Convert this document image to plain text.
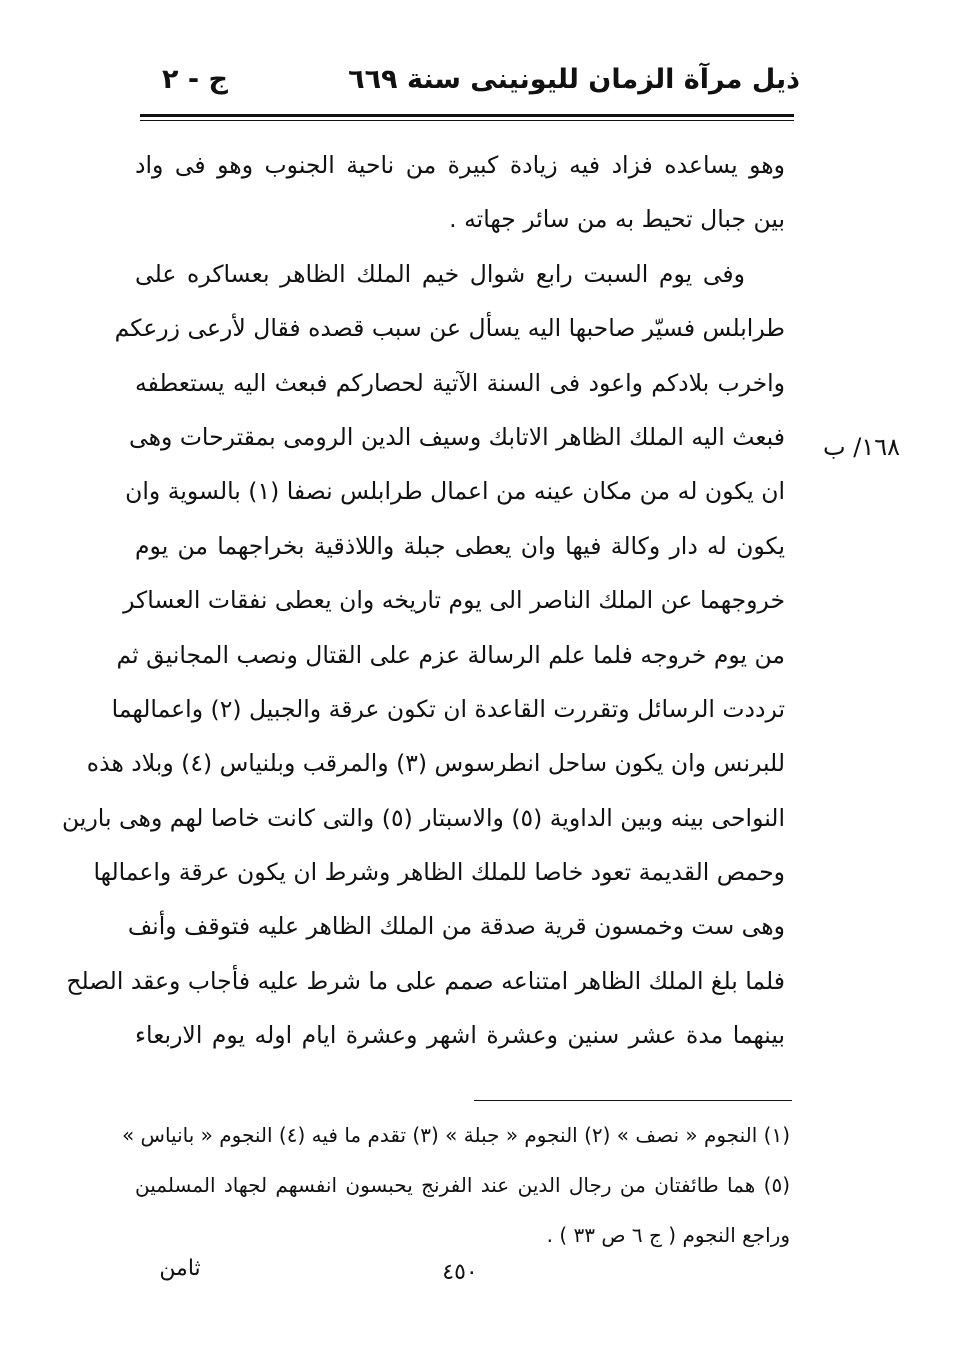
ذيل مرآة الزمان لليونينى سنة ٦٦٩
ج - ٢
١٦٨/ ب
وهو يساعده فزاد فيه زيادة كبيرة من ناحية الجنوب وهو فى واد
بين جبال تحيط به من سائر جهاته .
وفى يوم السبت رابع شوال خيم الملك الظاهر بعساكره على
طرابلس فسيّر صاحبها اليه يسأل عن سبب قصده فقال لأرعى زرعكم
واخرب بلادكم واعود فى السنة الآتية لحصاركم فبعث اليه يستعطفه
فبعث اليه الملك الظاهر الاتابك وسيف الدين الرومى بمقترحات وهى
ان يكون له من مكان عينه من اعمال طرابلس نصفا (١) بالسوية وان
يكون له دار وكالة فيها وان يعطى جبلة واللاذقية بخراجهما من يوم
خروجهما عن الملك الناصر الى يوم تاريخه وان يعطى نفقات العساكر
من يوم خروجه فلما علم الرسالة عزم على القتال ونصب المجانيق ثم
ترددت الرسائل وتقررت القاعدة ان تكون عرقة والجبيل (٢) واعمالهما
للبرنس وان يكون ساحل انطرسوس (٣) والمرقب وبلنياس (٤) وبلاد هذه
النواحى بينه وبين الداوية (٥) والاسبتار (٥) والتى كانت خاصا لهم وهى بارين
وحمص القديمة تعود خاصا للملك الظاهر وشرط ان يكون عرقة واعمالها
وهى ست وخمسون قرية صدقة من الملك الظاهر عليه فتوقف وأنف
فلما بلغ الملك الظاهر امتناعه صمم على ما شرط عليه فأجاب وعقد الصلح
بينهما مدة عشر سنين وعشرة اشهر وعشرة ايام اوله يوم الاربعاء
(١) النجوم « نصف » (٢) النجوم « جبلة » (٣) تقدم ما فيه (٤) النجوم « بانياس »
(٥) هما طائفتان من رجال الدين عند الفرنج يحبسون انفسهم لجهاد المسلمين
وراجع النجوم ( ج ٦ ص ٣٣ ) .
٤٥٠
ثامن
